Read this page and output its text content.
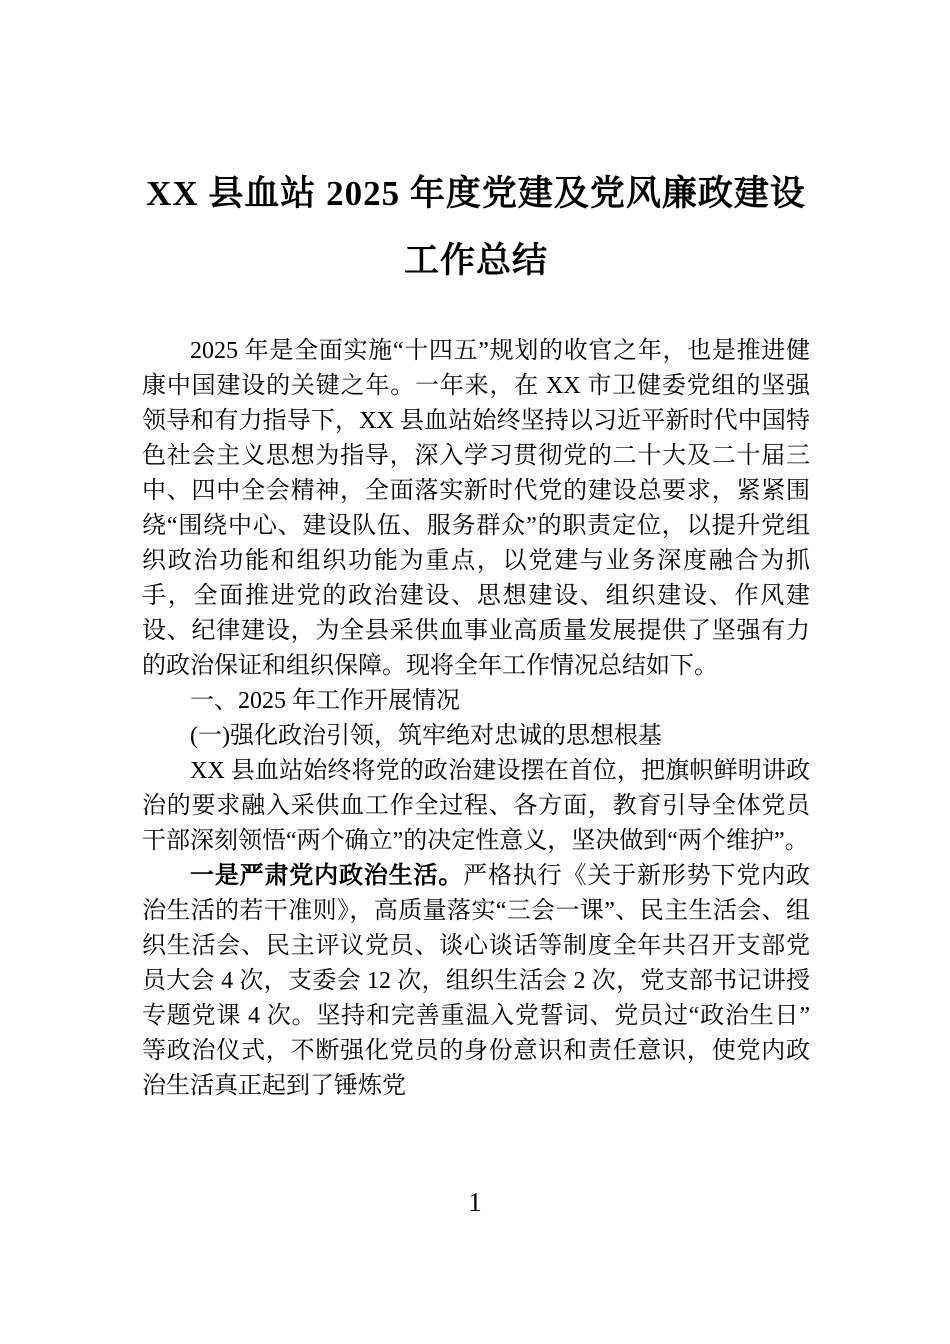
XX 县血站 2025 年度党建及党风廉政建设
工作总结

2025 年是全面实施“十四五”规划的收官之年，也是推进健康中国建设的关键之年。一年来，在 XX 市卫健委党组的坚强领导和有力指导下，XX 县血站始终坚持以习近平新时代中国特色社会主义思想为指导，深入学习贯彻党的二十大及二十届三中、四中全会精神，全面落实新时代党的建设总要求，紧紧围绕“围绕中心、建设队伍、服务群众”的职责定位，以提升党组织政治功能和组织功能为重点，以党建与业务深度融合为抓手，全面推进党的政治建设、思想建设、组织建设、作风建设、纪律建设，为全县采供血事业高质量发展提供了坚强有力的政治保证和组织保障。现将全年工作情况总结如下。

一、2025 年工作开展情况

(一)强化政治引领，筑牢绝对忠诚的思想根基

XX 县血站始终将党的政治建设摆在首位，把旗帜鲜明讲政治的要求融入采供血工作全过程、各方面，教育引导全体党员干部深刻领悟“两个确立”的决定性意义，坚决做到“两个维护”。

一是严肃党内政治生活。严格执行《关于新形势下党内政治生活的若干准则》，高质量落实“三会一课”、民主生活会、组织生活会、民主评议党员、谈心谈话等制度全年共召开支部党员大会 4 次，支委会 12 次，组织生活会 2 次，党支部书记讲授专题党课 4 次。坚持和完善重温入党誓词、党员过“政治生日”等政治仪式，不断强化党员的身份意识和责任意识，使党内政治生活真正起到了锤炼党

1
